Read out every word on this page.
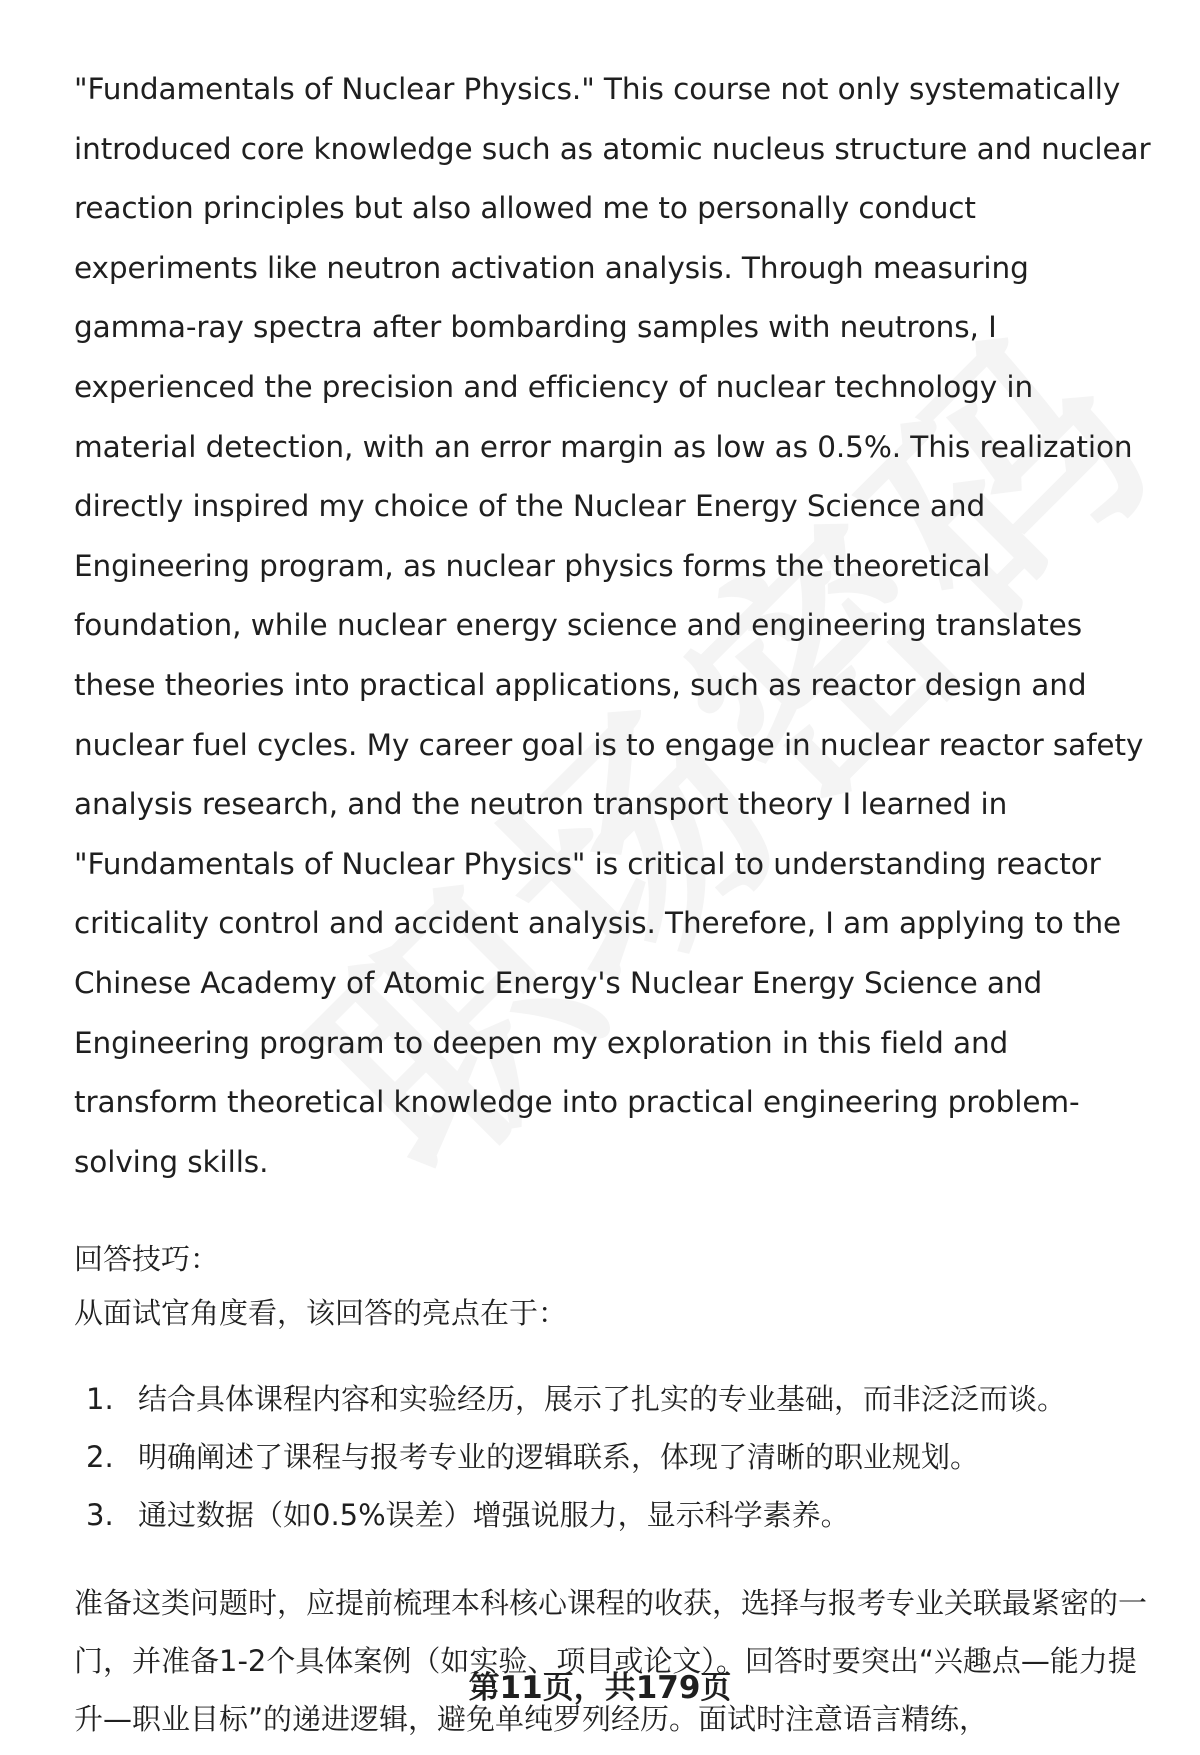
"Fundamentals of Nuclear Physics." This course not only systematically introduced core knowledge such as atomic nucleus structure and nuclear reaction principles but also allowed me to personally conduct experiments like neutron activation analysis. Through measuring gamma-ray spectra after bombarding samples with neutrons, I experienced the precision and efficiency of nuclear technology in material detection, with an error margin as low as 0.5%. This realization directly inspired my choice of the Nuclear Energy Science and Engineering program, as nuclear physics forms the theoretical foundation, while nuclear energy science and engineering translates these theories into practical applications, such as reactor design and nuclear fuel cycles. My career goal is to engage in nuclear reactor safety analysis research, and the neutron transport theory I learned in "Fundamentals of Nuclear Physics" is critical to understanding reactor criticality control and accident analysis. Therefore, I am applying to the Chinese Academy of Atomic Energy's Nuclear Energy Science and Engineering program to deepen my exploration in this field and transform theoretical knowledge into practical engineering problem-solving skills.

回答技巧：
从面试官角度看，该回答的亮点在于：
1. 结合具体课程内容和实验经历，展示了扎实的专业基础，而非泛泛而谈。
2. 明确阐述了课程与报考专业的逻辑联系，体现了清晰的职业规划。
3. 通过数据（如0.5%误差）增强说服力，显示科学素养。

准备这类问题时，应提前梳理本科核心课程的收获，选择与报考专业关联最紧密的一门，并准备1-2个具体案例（如实验、项目或论文）。回答时要突出“兴趣点—能力提升—职业目标”的递进逻辑，避免单纯罗列经历。面试时注意语言精练，

第11页，共179页
